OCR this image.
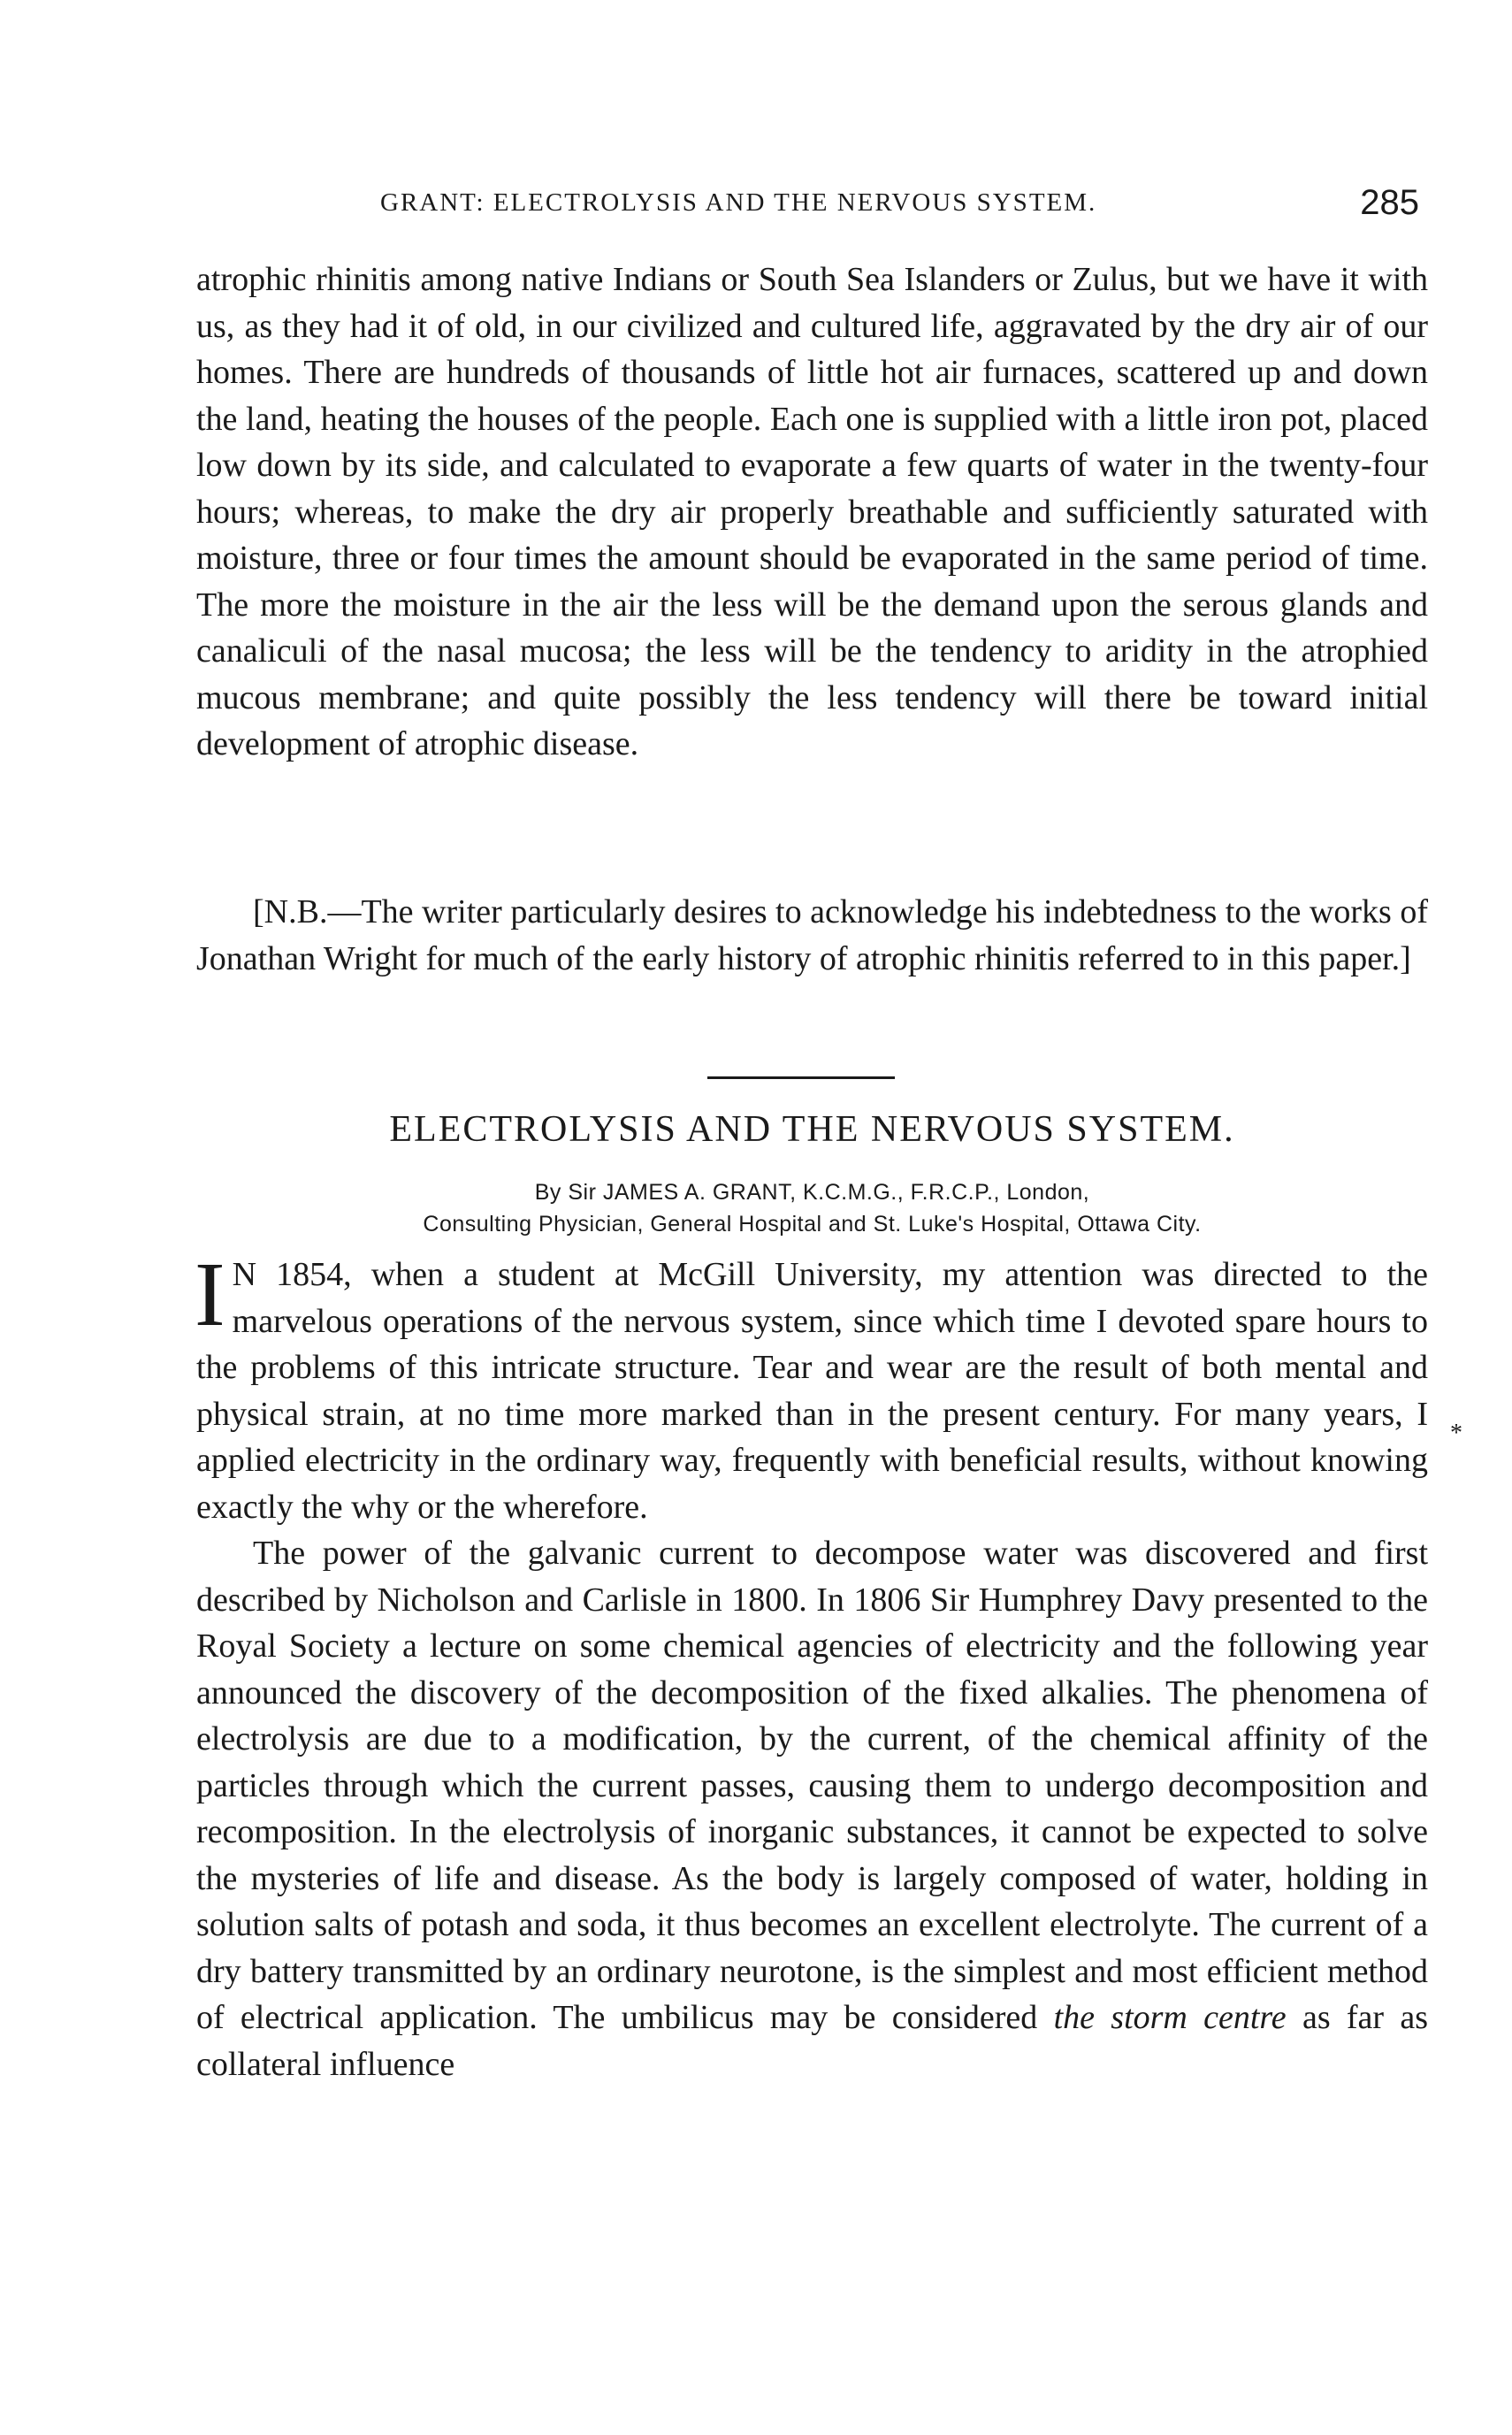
GRANT: ELECTROLYSIS AND THE NERVOUS SYSTEM.	285

atrophic rhinitis among native Indians or South Sea Islanders or Zulus, but we have it with us, as they had it of old, in our civilized and cultured life, aggravated by the dry air of our homes. There are hundreds of thousands of little hot air furnaces, scattered up and down the land, heating the houses of the people. Each one is supplied with a little iron pot, placed low down by its side, and calculated to evaporate a few quarts of water in the twenty-four hours; whereas, to make the dry air properly breathable and sufficiently saturated with moisture, three or four times the amount should be evaporated in the same period of time. The more the moisture in the air the less will be the demand upon the serous glands and canaliculi of the nasal mucosa; the less will be the tendency to aridity in the atrophied mucous membrane; and quite possibly the less tendency will there be toward initial development of atrophic disease.

[N.B.—The writer particularly desires to acknowledge his indebtedness to the works of Jonathan Wright for much of the early history of atrophic rhinitis referred to in this paper.]

ELECTROLYSIS AND THE NERVOUS SYSTEM.
By Sir JAMES A. GRANT, K.C.M.G., F.R.C.P., London,
Consulting Physician, General Hospital and St. Luke's Hospital, Ottawa City.

I N 1854, when a student at McGill University, my attention was directed to the marvelous operations of the nervous system, since which time I devoted spare hours to the problems of this intricate structure. Tear and wear are the result of both mental and physical strain, at no time more marked than in the present century. For many years, I applied electricity in the ordinary way, frequently with beneficial results, without knowing exactly the why or the wherefore.

The power of the galvanic current to decompose water was discovered and first described by Nicholson and Carlisle in 1800. In 1806 Sir Humphrey Davy presented to the Royal Society a lecture on some chemical agencies of electricity and the following year announced the discovery of the decomposition of the fixed alkalies. The phenomena of electrolysis are due to a modification, by the current, of the chemical affinity of the particles through which the current passes, causing them to undergo decomposition and recomposition. In the electrolysis of inorganic substances, it cannot be expected to solve the mysteries of life and disease. As the body is largely composed of water, holding in solution salts of potash and soda, it thus becomes an excellent electrolyte. The current of a dry battery transmitted by an ordinary neurotone, is the simplest and most efficient method of electrical application. The umbilicus may be considered the storm centre as far as collateral influence

*
